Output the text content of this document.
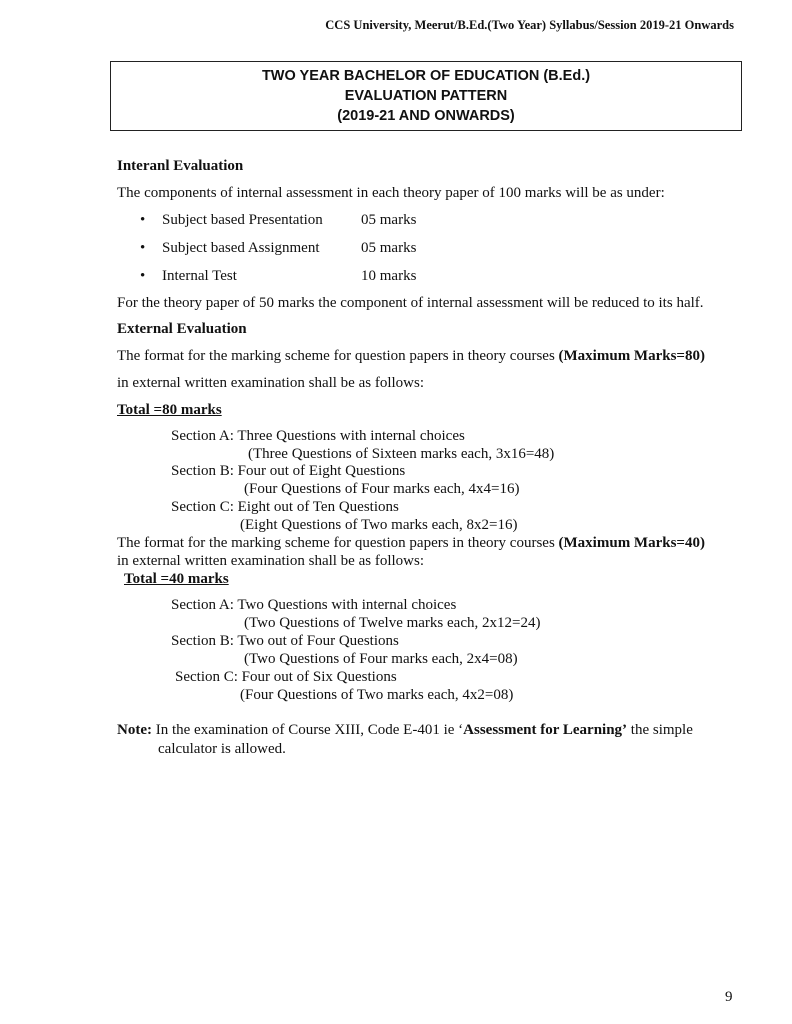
CCS University, Meerut/B.Ed.(Two Year) Syllabus/Session 2019-21 Onwards
TWO YEAR BACHELOR OF EDUCATION (B.Ed.)
EVALUATION PATTERN
(2019-21 AND ONWARDS)
Interanl Evaluation
The components of internal assessment in each theory paper of 100 marks will be as under:
• Subject based Presentation	05 marks
• Subject based Assignment	05 marks
• Internal Test	10 marks
For the theory paper of 50 marks the component of internal assessment will be reduced to its half.
External Evaluation
The format for the marking scheme for question papers in theory courses (Maximum Marks=80)
in external written examination shall be as follows:
Total =80 marks
Section A: Three Questions with internal choices
(Three Questions of Sixteen marks each, 3x16=48)
Section B: Four out of Eight Questions
(Four Questions of Four marks each, 4x4=16)
Section C: Eight out of Ten Questions
(Eight Questions of Two marks each, 8x2=16)
The format for the marking scheme for question papers in theory courses (Maximum Marks=40)
in external written examination shall be as follows:
Total =40 marks
Section A: Two Questions with internal choices
(Two Questions of Twelve marks each, 2x12=24)
Section B: Two out of Four Questions
(Two Questions of Four marks each, 2x4=08)
Section C: Four out of Six Questions
(Four Questions of Two marks each, 4x2=08)
Note: In the examination of Course XIII, Code E-401 ie ‘Assessment for Learning’ the simple
calculator is allowed.
9
